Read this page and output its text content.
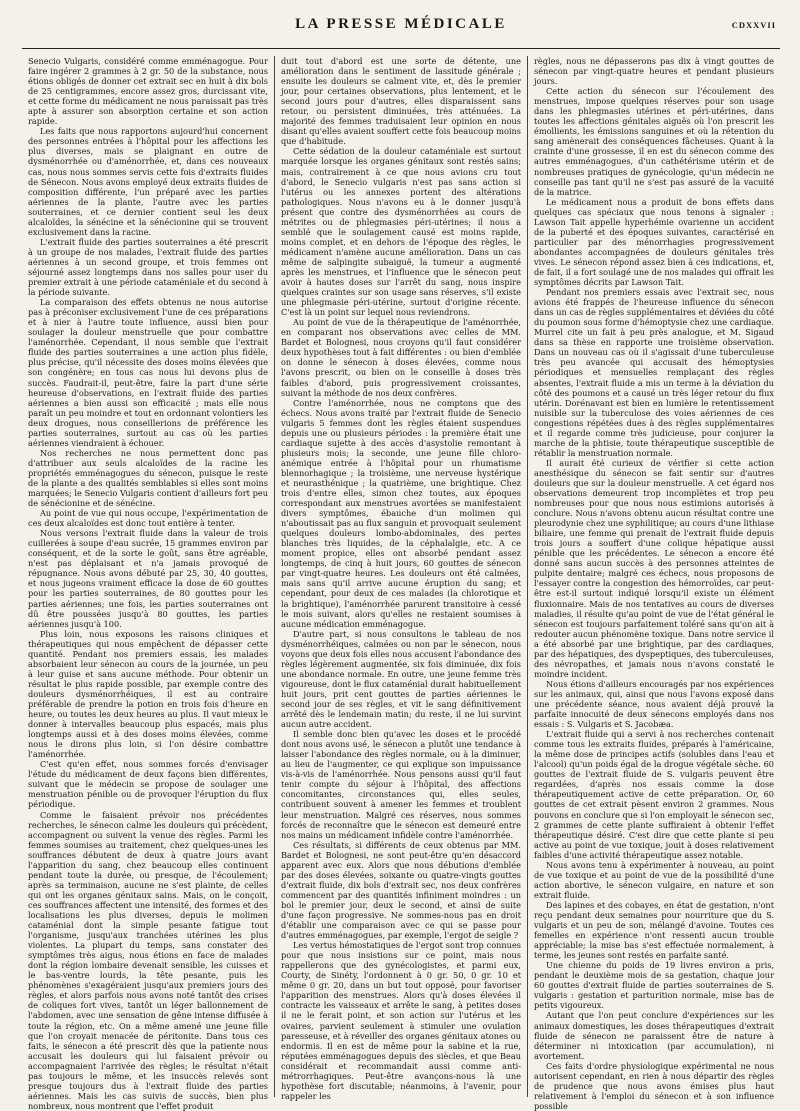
LA PRESSE MÉDICALE	CDXXVII

Senecio Vulgaris, considéré comme emménagogue. Pour faire ingérer 2 grammes à 2 gr. 50 de la substance, nous étions obligés de donner cet extrait sec en huit à dix bols de 25 centigrammes, encore assez gros, durcissant vite, et cette forme du médicament ne nous paraissait pas très apte à assurer son absorption certaine et son action rapide.

Les faits que nous rapportons aujourd'hui concernent des personnes entrées à l'hôpital pour les affections les plus diverses, mais se plaignant en outre de dysménorrhée ou d'aménorrhée, et, dans ces nouveaux cas, nous nous sommes servis cette fois d'extraits fluides de Sénecon. Nous avons employé deux extraits fluides de composition différente, l'un préparé avec les parties aériennes de la plante, l'autre avec les parties souterraines, et ce dernier contient seul les deux alcaloïdes, la sénécine et la sénécionine qui se trouvent exclusivement dans la racine.

L'extrait fluide des parties souterraines a été prescrit à un groupe de nos malades, l'extrait fluide des parties aériennes à un second groupe, et trois femmes ont séjourné assez longtemps dans nos salles pour user du premier extrait à une période cataméniale et du second à la période suivante.

La comparaison des effets obtenus ne nous autorise pas à préconiser exclusivement l'une de ces préparations et à nier à l'autre toute influence, aussi bien pour soulager la douleur menstruelle que pour combattre l'aménorrhée. Cependant, il nous semble que l'extrait fluide des parties souterraines a une action plus fidèle, plus précise, qu'il nécessite des doses moins élevées que son congénère; en tous cas nous lui devons plus de succès. Faudrait-il, peut-être, faire la part d'une série heureuse d'observations, en l'extrait fluide des parties aériennes a bien aussi son efficacité ; mais elle nous paraît un peu moindre et tout en ordonnant volontiers les deux drogues, nous conseillerions de préférence les parties souterraines, surtout au cas où les parties aériennes viendraient à échouer.

Nos recherches ne nous permettent donc pas d'attribuer aux seuls alcaloïdes de la racine les propriétés emménagogues du sénecon, puisque le reste de la plante a des qualités semblables si elles sont moins marquées; le Senecio Vulgaris contient d'ailleurs fort peu de sénécionine et de sénécine.

Au point de vue qui nous occupe, l'expérimentation de ces deux alcaloïdes est donc tout entière à tenter.

Nous versons l'extrait fluide dans la valeur de trois cuillerées à soupe d'eau sucrée, 15 grammes environ par conséquent, et de la sorte le goût, sans être agréable, n'est pas déplaisant et n'a jamais provoqué de répugnance. Nous avons débuté par 25, 30, 40 gouttes, et nous jugeons vraiment efficace la dose de 60 gouttes pour les parties souterraines, de 80 gouttes pour les parties aériennes; une fois, les parties souterraines ont dû être poussées jusqu'à 80 gouttes, les parties aériennes jusqu'à 100.

Plus loin, nous exposons les raisons cliniques et thérapeutiques qui nous empêchent de dépasser cette quantité. Pendant nos premiers essais, les malades absorbaient leur sénecon au cours de la journée, un peu à leur guise et sans aucune méthode. Pour obtenir un résultat le plus rapide possible, par exemple contre des douleurs dysménorrhéiques, il est au contraire préférable de prendre la potion en trois fois d'heure en heure, ou toutes les deux heures au plus. Il vaut mieux le donner à intervalles beaucoup plus espacés, mais plus longtemps aussi et à des doses moins élevées, comme nous le dirons plus loin, si l'on désire combattre l'aménorrhée.

C'est qu'en effet, nous sommes forcés d'envisager l'étude du médicament de deux façons bien différentes, suivant que le médecin se propose de soulager une menstruation pénible ou de provoquer l'éruption du flux périodique.

Comme le faisaient prévoir nos précédentes recherches, le sénecon calme les douleurs qui précèdent, accompagnent ou suivent la venue des règles. Parmi les femmes soumises au traitement, chez quelques-unes les souffrances débutent de deux à quatre jours avant l'apparition du sang, chez beaucoup elles continuent pendant toute la durée, ou presque, de l'écoulement; après sa terminaison, aucune ne s'est plainte, de celles qui ont les organes génitaux sains. Mais, on le conçoit, ces souffrances affectent une intensité, des formes et des localisations les plus diverses, depuis le molimen cataménial dont la simple pesante fatigue tout l'organisme, jusqu'aux tranchées utérines les plus violentes. La plupart du temps, sans constater des symptômes très aigus, nous étions en face de malades dont la région lombaire devenait sensible, les cuisses et le bas-ventre lourds, la tête pesante, puis les phénomènes s'exagéraient jusqu'aux premiers jours des règles, et alors parfois nous avons noté tantôt des crises de coliques fort vives, tantôt un léger ballonnement de l'abdomen, avec une sensation de gêne intense diffusée à toute la région, etc. On a même amené une jeune fille que l'on croyait menacée de péritonite. Dans tous ces faits, le sénecon a été prescrit dès que la patiente nous accusait les douleurs qui lui faisaient prévoir ou accompagnaient l'arrivée des règles; le résultat n'était pas toujours le même, et les insuccès relevés sont presque toujours dus à l'extrait fluide des parties aériennes. Mais les cas suivis de succès, bien plus nombreux, nous montrent que l'effet produit

duit tout d'abord est une sorte de détente, une amélioration dans le sentiment de lassitude générale ; ensuite les douleurs se calment vite, et, dès le premier jour, pour certaines observations, plus lentement, et le second jours pour d'autres, elles disparaissent sans retour, ou persistent diminuées, très atténuées. La majorité des femmes traduisaient leur opinion en nous disant qu'elles avaient souffert cette fois beaucoup moins que d'habitude.

Cette sédation de la douleur cataméniale est surtout marquée lorsque les organes génitaux sont restés sains; mais, contrairement à ce que nous avions cru tout d'abord, le Senecio vulgaris n'est pas sans action si l'utérus ou les annexes portent des altérations pathologiques. Nous n'avons eu à le donner jusqu'à présent que contre des dysménorrhées au cours de métrites ou de phlegmasies péri-utérines; il nous a semblé que le soulagement causé est moins rapide, moins complet, et en dehors de l'époque des règles, le médicament n'amène aucune amélioration. Dans un cas même de salpingite subaiguë, la tumeur a augmenté après les menstrues, et l'influence que le sénecon peut avoir à hautes doses sur l'arrêt du sang, nous inspire quelques craintes sur son usage sans réserves, s'il existe une phlegmasie péri-utérine, surtout d'origine récente. C'est là un point sur lequel nous reviendrons.

Au point de vue de la thérapeutique de l'aménorrhée, en comparant nos observations avec celles de MM. Bardet et Bolognesi, nous croyons qu'il faut considérer deux hypothèses tout à fait différentes : ou bien d'emblée on donne le sénecon à doses élevées, comme nous l'avons prescrit, ou bien on le conseille à doses très faibles d'abord, puis progressivement croissantes, suivant la méthode de nos deux confrères.

Contre l'aménorrhée, nous ne comptons que des échecs. Nous avons traité par l'extrait fluide de Senecio vulgaris 5 femmes dont les règles étaient suspendues depuis une ou plusieurs périodes : la première était une cardiaque sujette à des accès d'asystolie remontant à plusieurs mois; la seconde, une jeune fille chloro-anémique entrée à l'hôpital pour un rhumatisme blennorhagique ; la troisième, une nerveuse hystérique et neurasthénique ; la quatrième, une brightique. Chez trois d'entre elles, simon chez toutes, aux époques correspondant aux menstrues avortées se manifestaient divers symptômes, ébauche d'un molimen qui n'aboutissait pas au flux sanguin et provoquait seulement quelques douleurs lombo-abdominales, des pertes blanches très liquides, de la céphalalgie, etc. A ce moment propice, elles ont absorbé pendant assez longtemps, de cinq à huit jours, 60 gouttes de sénecon par vingt-quatre heures. Les douleurs ont été calmées, mais sans qu'il arrive aucune éruption du sang; et cependant, pour deux de ces malades (la chlorotique et la brightique), l'aménorrhée parurent transitoire à cessé le mois suivant, alors qu'elles ne restaient soumises à aucune médication emménagogue.

D'autre part, si nous consultons le tableau de nos dysménorrhéiques, calmées ou non par le sénecon, nous voyons que deux fois elles nous accusent l'abondance des règles légèrement augmentée, six fois diminuée, dix fois une abondance normale. En outre, une jeune femme très vigoureuse, dont le flux cataménial durait habituellement huit jours, prit cent gouttes de parties aériennes le second jour de ses règles, et vit le sang définitivement arrêté dès le lendemain matin; du reste, il ne lui survint aucun autre accident.

Il semble donc bien qu'avec les doses et le procédé dont nous avons usé, le sénecon a plutôt une tendance à laisser l'abondance des règles normale, ou à la diminuer, au lieu de l'augmenter, ce qui explique son impuissance vis-à-vis de l'aménorrhée. Nous pensons aussi qu'il faut tenir compte du séjour à l'hôpital, des affections concomitantes, circonstances qui, elles seules, contribuent souvent à amener les femmes et troublent leur menstruation. Malgré ces réserves, nous sommes forcés de reconnaître que le sénecon est demeuré entre nos mains un médicament infidèle contre l'aménorrhée.

Ces résultats, si différents de ceux obtenus par MM. Bardet et Bolognesi, ne sont peut-être qu'en désaccord apparent avec eux. Alors que nous débutions d'emblée par des doses élevées, soixante ou quatre-vingts gouttes d'extrait fluide, dix bols d'extrait sec, nos deux confrères commencent par des quantités infiniment moindres : un bol le premier jour, deux le second, et ainsi de suite d'une façon progressive. Ne sommes-nous pas en droit d'établir une comparaison avec ce qui se passe pour d'autres emménagogues, par exemple, l'ergot de seigle ?

Les vertus hémostatiques de l'ergot sont trop connues pour que nous insistions sur ce point, mais nous rappellerons que des gynécologistes, et parmi eux, Courty, de Sinéty, l'ordonnent à 0 gr. 50, 0 gr. 10 et même 0 gr. 20, dans un but tout opposé, pour favoriser l'apparition des menstrues. Alors qu'à doses élevées il contracte les vaisseaux et arrête le sang, à petites doses il ne le ferait point, et son action sur l'utérus et les ovaires, parvient seulement à stimuler une ovulation paresseuse, et à réveiller des organes génitaux atones ou endormis. Il en est de même pour la sabine et la rue, réputées emménagogues depuis des siècles, et que Beau considérait et recommandait aussi comme anti-métrorrhagiques. Peut-être avançons-nous là une hypothèse fort discutable; néanmoins, à l'avenir, pour rappeler les

règles, nous ne dépasserons pas dix à vingt gouttes de sénecon par vingt-quatre heures et pendant plusieurs jours.

Cette action du sénecon sur l'écoulement des menstrues, impose quelques réserves pour son usage dans les phlegmasies utérines et péri-utérines, dans toutes les affections génitales aiguës où l'on prescrit les émollients, les émissions sanguines et où la rétention du sang amènerait des conséquences fâcheuses. Quant à la crainte d'une grossesse, il en est du sénecon comme des autres emménagogues, d'un cathétérisme utérin et de nombreuses pratiques de gynécologie, qu'un médecin ne conseille pas tant qu'il ne s'est pas assuré de la vacuité de la matrice.

Le médicament nous a produit de bons effets dans quelques cas spéciaux que nous tenons à signaler : Lawson Tait appelle hyperhémie ovarienne un accident de la puberté et des époques suivantes, caractérisé en particulier par des ménorrhagies progressivement abondantes accompagnées de douleurs génitales très vives. Le sénecon répond assez bien à ces indications, et, de fait, il a fort soulagé une de nos malades qui offrait les symptômes décrits par Lawson Tait.

Pendant nos premiers essais avec l'extrait sec, nous avions été frappés de l'heureuse influence du sénecon dans un cas de règles supplémentaires et déviées du côté du poumon sous forme d'hémoptysie chez une cardiaque. Murrel cite un fait à peu près analogue, et M. Sigaud dans sa thèse en rapporte une troisième observation. Dans un nouveau cas où il s'agissait d'une tuberculeuse très peu avancée qui accusait des hémoptysies périodiques et mensuelles remplaçant des règles absentes, l'extrait fluide a mis un terme à la déviation du côté des poumons et a causé un très léger retour du flux utérin. Dorénavant est bien en lumière le retentissement nuisible sur la tuberculose des voies aériennes de ces congestions répétées dues à des règles supplémentaires et il regarde comme très judicieuse, pour conjurer la marche de la phtisie, toute thérapeutique susceptible de rétablir la menstruation normale.

Il aurait été curieux de vérifier si cette action anesthésique du sénecon se fait sentir sur d'autres douleurs que sur la douleur menstruelle. A cet égard nos observations demeurent trop incomplètes et trop peu nombreuses pour que nous nous estimions autorisés à conclure. Nous n'avons obtenu aucun résultat contre une pleurodynie chez une syphilitique; au cours d'une lithiase biliaire, une femme qui prenait de l'extrait fluide depuis trois jours a souffert d'une colique hépatique aussi pénible que les précédentes. Le sénecon a encore été donné sans aucun succès à des personnes atteintes de pulpite dentaire; malgré ces échecs, nous proposons de l'essayer contre la congestion des hémorroïdes, car peut-être est-il surtout indiqué lorsqu'il existe un élément fluxionnaire. Mais de nos tentatives au cours de diverses maladies, il résulte qu'au point de vue de l'état général le sénecon est toujours parfaitement toléré sans qu'on ait à redouter aucun phénomène toxique. Dans notre service il a été absorbé par une brightique, par des cardiaques, par des hépatiques, des dyspeptiques, des tuberculeuses, des névropathes, et jamais nous n'avons constaté le moindre incident.

Nous étions d'ailleurs encouragés par nos expériences sur les animaux, qui, ainsi que nous l'avons exposé dans une précédente séance, nous avaient déjà prouvé la parfaite innocuité de deux sénecons employés dans nos essais : S. Vulgaris et S. Jacobæa.

L'extrait fluide qui a servi à nos recherches contenait comme tous les extraits fluides, préparés à l'américaine, la même dose de principes actifs (solubles dans l'eau et l'alcool) qu'un poids égal de la drogue végétale sèche. 60 gouttes de l'extrait fluide de S. vulgaris peuvent être regardées, d'après nos essais comme la dose thérapeutiquement active de cette préparation. Or, 60 gouttes de cet extrait pèsent environ 2 grammes. Nous pouvons en conclure que si l'on employait le sénecon sec, 2 grammes de cette plante suffiraient à obtenir l'effet thérapeutique désiré. C'est dire que cette plante si peu active au point de vue toxique, jouit à doses relativement faibles d'une activité thérapeutique assez notable.

Nous avons tenu à expérimenter à nouveau, au point de vue toxique et au point de vue de la possibilité d'une action abortive, le sénecon vulgaire, en nature et son extrait fluide.

Des lapines et des cobayes, en état de gestation, n'ont reçu pendant deux semaines pour nourriture que du S. vulgaris et un peu de son, mélangé d'avoine. Toutes ces femelles en expérience n'ont ressenti aucun trouble appréciable; la mise bas s'est effectuée normalement, à terme, les jeunes sont restés en parfaite santé.

Une chienne du poids de 19 livres environ a pris, pendant le deuxième mois de sa gestation, chaque jour 60 gouttes d'extrait fluide de parties souterraines de S. vulgaris : gestation et parturition normale, mise bas de petits vigoureux.

Autant que l'on peut conclure d'expériences sur les animaux domestiques, les doses thérapeutiques d'extrait fluide de sénecon ne paraissent être de nature à déterminer ni intoxication (par accumulation), ni avortement.

Ces faits d'ordre physiologique expérimental ne nous autorisent cependant, en rien à nous départir des règles de prudence que nous avons émises plus haut relativement à l'emploi du sénecon et à son influence possible
